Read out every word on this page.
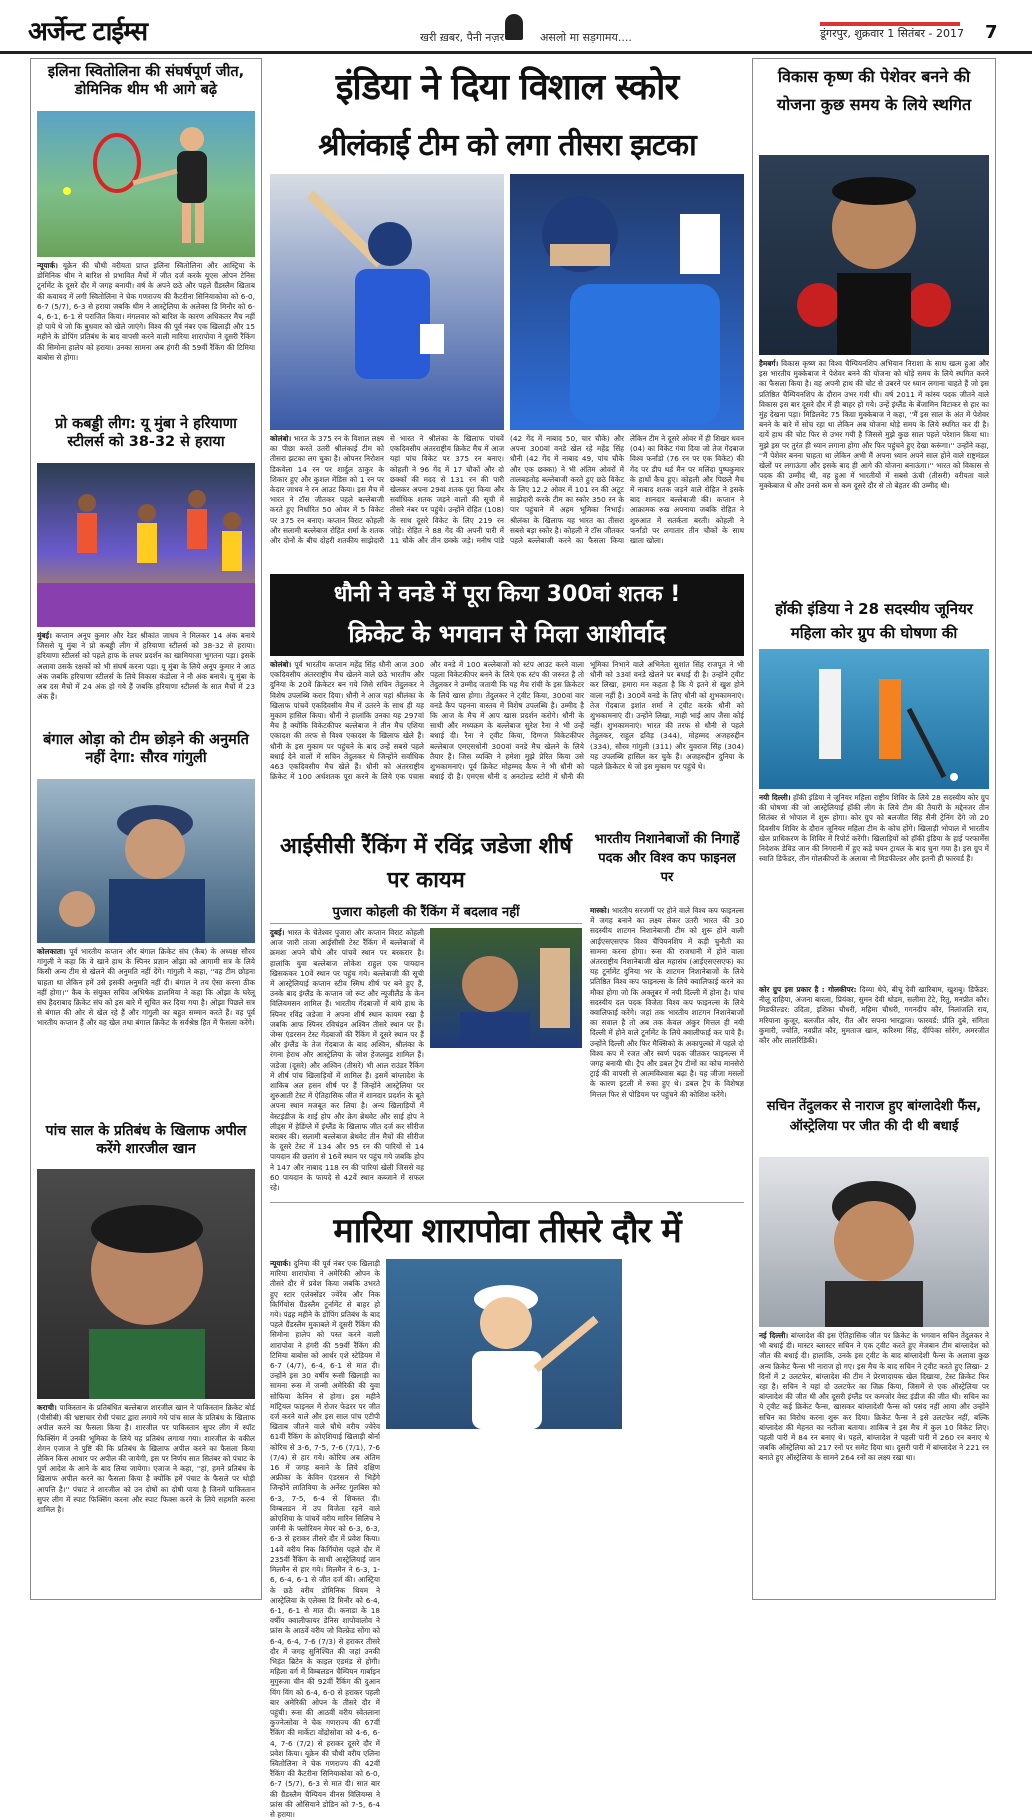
अर्जेन्ट टाईम्स	खरी ख़बर, पैनी नज़र	असलो मा सड़गामय....	डूंगरपुर, शुक्रवार 1 सितंबर - 2017 7
इलिना स्वितोलिना की संघर्षपूर्ण जीत, डोमिनिक थीम भी आगे बढ़े
न्यूयार्क। यूक्रेन की चौथी वरीयता प्राप्त इलिना स्वितोलिना और आस्ट्रिया के डोमिनिक थीम ने बारिश से प्रभावित मैचों में जीत दर्ज करके यूएस ओपन टेनिस टूर्नामेंट के दूसरे दौर में जगह बनायी। वर्ष के अपने छठे और पहले ग्रैंडस्लैम खिताब की कवायद में लगी स्वितोलिना ने चेक गणराज्य की कैटरीना सिनियाकोवा को 6-0, 6-7 (5/7), 6-3 से हराया जबकि थीम ने आस्ट्रेलिया के अलेक्स डि मिनौर को 6-4, 6-1, 6-1 से पराजित किया। मंगलवार को बारिश के कारण अधिकतर मैच नहीं हो पाये थे जो कि बुधवार को खेले जाएंगे। विश्व की पूर्व नंबर एक खिलाड़ी और 15 महीने के डोपिंग प्रतिबंध के बाद वापसी करने वाली मारिया शारापोवा ने दूसरी रैंकिंग की सिमोना हालेप को हराया। उनका सामना अब हंगरी की 59वीं रैंकिंग की टिमिया बाबोस से होगा।
प्रो कबड्डी लीग: यू मुंबा ने हरियाणा स्टीलर्स को 38-32 से हराया
मुंबई। कप्तान अनूप कुमार और रेडर श्रीकांत जाधव ने मिलकर 14 अंक बनाये जिससे यू मुंबा ने प्रो कबड्डी लीग में हरियाणा स्टीलर्स को 38-32 से हराया। हरियाणा स्टीलर्स को पहले हाफ के लचर प्रदर्शन का खामियाजा भुगतना पड़ा। इसके अलावा उसके रक्षकों को भी संघर्ष करना पड़ा। यू मुंबा के लिये अनूप कुमार ने आठ अंक जबकि हरियाणा स्टीलर्स के लिये विकास कंडोला ने नौ अंक बनाये। यू मुंबा के अब दस मैचों में 24 अंक हो गये हैं जबकि हरियाणा स्टीलर्स के सात मैचों में 23 अंक हैं।
बंगाल ओड़ा को टीम छोड़ने की अनुमति नहीं देगा: सौरव गांगुली
कोलकाता। पूर्व भारतीय कप्तान और बंगाल क्रिकेट संघ (कैब) के अध्यक्ष सौरव गांगुली ने कहा कि वे खाने हाथ के स्पिनर प्रज्ञान ओझा को आगामी सत्र के लिये किसी अन्य टीम से खेलने की अनुमति नहीं देंगे। गांगुली ने कहा, ''वह टीम छोड़ना चाहता था लेकिन हमें उसे इसकी अनुमति नहीं दी। बंगाल ने तय ऐसा करना ठीक नहीं होगा।'' कैब के संयुक्त सचिव अभिषेक डालमिया ने कहा कि ओझा के घरेलू संघ हैदराबाद क्रिकेट संघ को इस बारे में सूचित कर दिया गया है। ओझा पिछले सत्र से बंगाल की ओर से खेल रहे हैं और गांगुली का बहुत सम्मान करते हैं। वह पूर्व भारतीय कप्तान हैं और वह खेल तथा बंगाल क्रिकेट के सर्वश्रेष्ठ हित में फैसला करेंगे।
पांच साल के प्रतिबंध के खिलाफ अपील करेंगे शारजील खान
कराची। पाकिस्तान के प्रतिबंधित बल्लेबाज शारजील खान ने पाकिस्तान क्रिकेट बोर्ड (पीसीबी) की भ्रष्टाचार रोधी पंचाट द्वारा लगाये गये पांच साल के प्रतिबंध के खिलाफ अपील करने का फैसला किया है। शारजील पर पाकिस्तान सुपर लीग में स्पॉट फिक्सिंग में उनकी भूमिका के लिये यह प्रतिबंध लगाया गया। शारजील के वकील शेगन एजाज ने पुष्टि की कि प्रतिबंध के खिलाफ अपील करने का फैसला किया लेकिन किस आधार पर अपील की जायेगी, इस पर निर्णय सात सितंबर को पंचाट के पूर्ण आदेश के आने के बाद लिया जायेगा। एजाज ने कहा, ''हां, हमने प्रतिबंध के खिलाफ अपील करने का फैसला किया है क्योंकि हमें पंचाट के फैसले पर थोड़ी आपत्ति है।'' पंचाट ने शारजील को उन दोषों का दोषी पाया है जिनमें पाकिस्तान सुपर लीग में स्पाट फिक्सिंग करना और स्पाट फिक्स करने के लिये सहमति करना शामिल है।
इंडिया ने दिया विशाल स्कोर
श्रीलंकाई टीम को लगा तीसरा झटका
कोलंबो। भारत के 375 रन के विशाल लक्ष्य का पीछा करते उतरी श्रीलंकाई टीम को तीसरा झटका लग चुका है। ओपनर निरोशन डिकवेला 14 रन पर शार्दुल ठाकुर के शिकार हुए और कुशल मेंडिस को 1 रन पर केदार जाधव ने रन आउट किया। इस मैच में भारत ने टॉस जीतकर पहले बल्लेबाजी करते हुए निर्धारित 50 ओवर में 5 विकेट पर 375 रन बनाए। कप्तान विराट कोहली और सलामी बल्लेबाज रोहित शर्मा के शतक और दोनों के बीच दोहरी शतकीय साझेदारी से भारत ने श्रीलंका के खिलाफ पांचवें एकदिवसीय अंतरराष्ट्रीय क्रिकेट मैच में आज यहां पांच विकेट पर 375 रन बनाए। कोहली ने 96 गेंद में 17 चौकों और दो छक्कों की मदद से 131 रन की पारी खेलकर अपना 29वां शतक पूरा किया और सर्वाधिक शतक जड़ने वालों की सूची में तीसरे नंबर पर पहुंचे। उन्होंने रोहित (108) के साथ दूसरे विकेट के लिए 219 रन जोड़े। रोहित ने 88 गेंद की अपनी पारी में 11 चौके और तीन छक्के जड़े। मनीष पांडे (42 गेंद में नाबाद 50, चार चौके) और अपना 300वां वनडे खेल रहे महेंद्र सिंह धौनी (42 गेंद में नाबाद 49, पांच चौके और एक छक्का) ने भी अंतिम ओवरों में तालबड़तोड़ बल्लेबाजी करते हुए छठे विकेट के लिए 12.2 ओवर में 101 रन की अटूट साझेदारी करके टीम का स्कोर 350 रन के पार पहुंचाने में अहम भूमिका निभाई। श्रीलंका के खिलाफ यह भारत का तीसरा सबसे बड़ा स्कोर है। कोहली ने टॉस जीतकर पहले बल्लेबाजी करने का फैसला किया लेकिन टीम ने दूसरे ओवर में ही शिखर धवन (04) का विकेट गंवा दिया जो तेज गेंदबाज विश्व फर्नांडो (76 रन पर एक विकेट) की गेंद पर डीप थर्ड मैन पर मलिंदा पुष्पकुमार के हाथों कैच हुए। कोहली और पिछले मैच में नाबाद शतक जड़ने वाले रोहित ने इसके बाद शानदार बल्लेबाजी की। कप्तान ने आक्रामक रुख अपनाया जबकि रोहित ने शुरुआत में सतर्कता बरती। कोहली ने फर्नांडो पर लगातार तीन चौकों के साथ खाता खोला।
धौनी ने वनडे में पूरा किया 300वां शतक !
क्रिकेट के भगवान से मिला आशीर्वाद
कोलंबो। पूर्व भारतीय कप्तान महेंद्र सिंह धौनी आज 300 एकदिवसीय अंतरराष्ट्रीय मैच खेलने वाले छठे भारतीय और दुनिया के 20वें क्रिकेटर बन गये जिसे सचिन तेंदुलकर ने विशेष उपलब्धि करार दिया। धौनी ने आज यहां श्रीलंका के खिलाफ पांचवें एकदिवसीय मैच में उतरने के साथ ही यह मुकाम हासिल किया। धौनी ने हालांकि उनका यह 297वां मैच है क्योंकि विकेटकीपर बल्लेबाज ने तीन मैच एशिया एकादश की तरफ से विश्व एकादश के खिलाफ खेले हैं। धौनी के इस मुकाम पर पहुंचने के बाद उन्हें सबसे पहले बधाई देने वालों में सचिन तेंदुलकर थे जिन्होंने सर्वाधिक 463 एकदिवसीय मैच खेले हैं। धौनी को अंतरराष्ट्रीय क्रिकेट में 100 अर्धशतक पूरा करने के लिये एक पचास और वनडे में 100 बल्लेबाजों को स्टंप आउट करने वाला पहला विकेटकीपर बनने के लिये एक स्टंप की जरुरत है तो तेंदुलकर ने उम्मीद जतायी कि यह मैच रांची के इस क्रिकेटर के लिये खास होगा। तेंदुलकर ने ट्वीट किया, 300वां वार वनडे कैप पहनना वास्तव में विशेष उपलब्धि है। उम्मीद है कि आज के मैच में आप खास प्रदर्शन करोगे। धौनी के साथी और मध्यक्रम के बल्लेबाज सुरेश रैना ने भी उन्हें बधाई दी। रैना ने ट्वीट किया, दिग्गज विकेटकीपर बल्लेबाज एमएसधोनी 300वां वनडे मैच खेलने के लिये तैयार हैं। जिस व्यक्ति ने हमेशा मुझे प्रेरित किया उसे शुभकामनाएं। पूर्व क्रिकेट मोहम्मद कैफ ने भी धौनी को बधाई दी है। एमएस धौनी द अनटोल्ड स्टोरी में धौनी की भूमिका निभाने वाले अभिनेता सुशांत सिंह राजपूत ने भी धौनी को 33वां वनडे खेलने पर बधाई दी है। उन्होंने ट्वीट कर लिखा, हमारा मन कहता है कि ये इतने से खुश होने वाला नहीं है। 300वें वनडे के लिए धौनी को शुभकामनाएं। तेज गेंदबाज इशांत शर्मा ने ट्वीट करके धौनी को शुभकामनाएं दी। उन्होंने लिखा, माही भाई आप जैसा कोई नहीं। शुभकामनाएं। भारत की तरफ से धौनी से पहले तेंदुलकर, राहुल द्रविड़ (344), मोहम्मद अजहरुद्दीन (334), सौरव गांगुली (311) और युवराज सिंह (304) यह उपलब्धि हासिल कर चुके हैं। अजहरुद्दीन दुनिया के पहले क्रिकेटर थे जो इस मुकाम पर पहुंचे थे।
आईसीसी रैंकिंग में रविंद्र जडेजा शीर्ष पर कायम
पुजारा कोहली की रैंकिंग में बदलाव नहीं
दुबई। भारत के चेतेश्वर पुजारा और कप्तान विराट कोहली आज जारी ताजा आईसीसी टेस्ट रैंकिंग में बल्लेबाजों में क्रमशः अपने चौथे और पांचवें स्थान पर बरकरार है। हालांकि युवा बल्लेबाज लोकेश राहुल एक पायदान खिसककर 10वें स्थान पर पहुंच गये। बल्लेबाजी की सूची में आस्ट्रेलियाई कप्तान स्टीव स्मिथ शीर्ष पर बने हुए हैं, उनके बाद इंग्लैंड के कप्तान जो रूट और न्यूजीलैंड के केन विलियमसन शामिल हैं। भारतीय गेंदबाजों में बांये हाथ के स्पिनर रविंद्र जडेजा ने अपना शीर्ष स्थान कायम रखा है जबकि आफ स्पिनर रविचंद्रन अश्विन तीसरे स्थान पर हैं। जेम्स एंडरसन टेस्ट गेंदबाजों की रैंकिंग में दूसरे स्थान पर हैं और इंग्लैंड के तेज गेंदबाज के बाद अश्विन, श्रीलंका के रंगना हेराथ और आस्ट्रेलिया के जोश हेजलवुड शामिल हैं। जडेजा (दूसरे) और अश्विन (तीसरे) भी आल राउंडर रैंकिंग में शीर्ष पांच खिलाड़ियों में शामिल हैं। इसमें बांग्लादेश के शाकिब अल हसन शीर्ष पर हैं जिन्होंने आस्ट्रेलिया पर शुरुआती टेस्ट में ऐतिहासिक जीत में शानदार प्रदर्शन के बूते अपना स्थान मजबूत कर लिया है। अन्य खिलाड़ियों में वेस्टइंडीज के शाई होप और क्रेग ब्रेथवेट और साई होप ने लीड्स में हेडिंग्ले में इंग्लैंड के खिलाफ जीत दर्ज कर सीरीज बराबर की। सलामी बल्लेबाज ब्रेथवेट तीन मैचों की सीरीज के दूसरे टेस्ट में 134 और 95 रन की पारियों से 14 पायदान की छलांग से 16वें स्थान पर पहुंच गये जबकि होप ने 147 और नाबाद 118 रन की पारियां खेली जिससे वह 60 पायदान के फायदे से 42वें स्थान कब्जाने में सफल रहे।
भारतीय निशानेबाजों की निगाहें पदक और विश्व कप फाइनल पर
मास्को। भारतीय सरजमीं पर होने वाले विश्व कप फाइनल्स में जगह बनाने का लक्ष्य लेकर उतरी भारत की 30 सदस्यीय शाटगन निशानेबाजी टीम को शुरू होने वाली आईएसएसएफ विश्व चैंपियनशिप में कड़ी चुनौती का सामना करना होगा। रूस की राजधानी में होने वाला अंतरराष्ट्रीय निशानेबाजी खेल महासंघ (आईएसएसएफ) का यह टूर्नामेंट दुनिया भर के शाटगन निशानेबाजों के लिये प्रतिष्ठित विश्व कप फाइनल्स के लिये क्वालिफाई करने का मौका होगा जो कि अक्तूबर में नयी दिल्ली में होना है। पांच सदस्यीय दल पदक विजेता विश्व कप फाइनल्स के लिये क्वालिफाई करेंगे। जहां तक भारतीय शाटगन निशानेबाजों का सवाल है तो अब तक केवल अंकुर मित्तल ही नयी दिल्ली में होने वाले टूर्नामेंट के लिये क्वालीफाई कर पाये हैं। उन्होंने दिल्ली और फिर मैक्सिको के अकापुल्को में पहले दो विश्व कप में रजत और स्वर्ण पदक जीतकर फाइनल्स में जगह बनायी थी। ट्रैप और डबल ट्रैप टीमों का कोच मानसेरो ट्राई की वापसी से आत्मविश्वास बढ़ा है। यह जीजा मसलों के कारण इटली में रुका हुए थे। डबल ट्रैप के विशेषज्ञ मित्तल फिर से पोडियम पर पहुंचने की कोशिश करेंगे।
मारिया शारापोवा तीसरे दौर में
न्यूयार्क। दुनिया की पूर्व नंबर एक खिलाड़ी मारिया शारापोवा ने अमेरिकी ओपन के तीसरे दौर में प्रवेश किया जबकि उभरते हुए स्टार एलेक्सेंडर ज्वेरेव और निक किर्गियोस ग्रैंडस्लैम टूर्नामेंट से बाहर हो गये। पंद्रह महीने के डोपिंग प्रतिबंध के बाद पहले ग्रैंडस्लैम मुकाबले में दूसरी रैंकिंग की सिमोना हालेप को पस्त करने वाली शारापोवा ने हंगरी की 59वीं रैंकिंग की टिमिया बाबोस को आर्थर एशे स्टेडियम में 6-7 (4/7), 6-4, 6-1 से मात दी। उन्होंने इस 30 वर्षीय रूसी खिलाड़ी का सामना रूस में जन्मी अमेरिकी की युवा सोफिया केनिन से होगा। इस महीने मांट्रियल फाइनल में रोजर फेडरर पर जीत दर्ज करने वाले और इस साल पांच एटीपी खिताब जीतने वाले चौथे वरीय ज्वेरेव 61वीं रैंकिंग के क्रोएशियाई खिलाड़ी बोर्ना कोरिच से 3-6, 7-5, 7-6 (7/1), 7-6 (7/4) से हार गये। कोरिच अब अंतिम 16 में जगह बनाने के लिये दक्षिण अफ्रीका के केविन एंडरसन से भिड़ेंगे जिन्होंने लातिविया के अर्नेस्ट गुलबिस को 6-3, 7-5, 6-4 से शिकस्त दी। विम्बलडन में उप विजेता रहने वाले क्रोएशिया के पांचवें वरीय मारिन सिलिच ने जर्मनी के फ्लोरियन मेयर को 6-3, 6-3, 6-3 से हराकर तीसरे दौर में प्रवेश किया। 14वें वरीय निक किर्गियोस पहले दौर में 235वीं रैंकिंग के साथी आस्ट्रेलियाई जान मिलमैन से हार गये। मिलमैन ने 6-3, 1-6, 6-4, 6-1 से जीत दर्ज की। आस्ट्रिया के छठे वरीय डोमिनिक थियम ने आस्ट्रेलिया के एलेक्स डि मिनौर को 6-4, 6-1, 6-1 से मात दी। कनाडा के 18 वर्षीय क्वालीफायर डेनिस शापोवालोव ने फ्रांस के आठवें वरीय जो विल्फ्रेड सोंगा को 6-4, 6-4, 7-6 (7/3) से हराकर तीसरे दौर में जगह सुनिश्चित की जहां उनकी भिड़ंत ब्रिटेन के काइल एडमंड से होगी। महिला वर्ग में विम्बलडन चैम्पियन गार्बाइन मुगुरुजा चीन की 92वीं रैंकिंग की दुआन यिंग यिंग को 6-4, 6-0 से हराकर पहली बार अमेरिकी ओपन के तीसरे दौर में पहुंची। रूस की आठवीं वरीय स्वेतलाना कुज्नेत्सोवा ने चेक गणराज्य की 67वीं रैंकिंग की मार्केटा वोंद्रोसोवा को 4-6, 6-4, 7-6 (7/2) से हराकर दूसरे दौर में प्रवेश किया। यूक्रेन की चौथी वरीय एलिना स्वितोलिना ने चेक गणराज्य की 42वीं रैंकिंग की कैटरीना सिनियाकोवा को 6-0, 6-7 (5/7), 6-3 से मात दी। सात बार की ग्रैंडस्लैम चैम्पियन वीनस विलियम्स ने फ्रांस की ओसियाने डोडिन को 7-5, 6-4 से हराया।
विकास कृष्ण की पेशेवर बनने की योजना कुछ समय के लिये स्थगित
हैमबर्ग। विकास कृष्ण का विश्व चैम्पियनशिप अभियान निराशा के साथ खत्म हुआ और इस भारतीय मुक्केबाज ने पेशेवर बनने की योजना को थोड़े समय के लिये स्थगित करने का फैसला किया है। वह अपनी हाथ की चोट से उबरने पर ध्यान लगाना चाहते हैं जो इस प्रतिष्ठित चैम्पियनशिप के दौरान उभर गयी थी। वर्ष 2011 में कांस्य पदक जीतने वाले विकास इस बार दूसरे दौर में ही बाहर हो गये। उन्हें इंग्लैंड के बेंजामिन विटाकर से हार का मुंह देखना पड़ा। मिडिलवेट 75 किग्रा मुक्केबाज ने कहा, ''मैं इस साल के अंत में पेशेवर बनने के बारे में सोच रहा था लेकिन अब योजना थोड़े समय के लिये स्थगित कर दी है। दायें हाथ की चोट फिर से उभर गयी है जिससे मुझे कुछ साल पहले परेशान किया था। मुझे इस पर तुरंत ही ध्यान लगाना होगा और फिर पहुंचने हुए देखा करूंगा।'' उन्होंने कहा, ''मैं पेशेवर बनना चाहता था लेकिन अभी मैं अपना ध्यान अपने साल होने वाले राष्ट्रमंडल खेलों पर लगाऊंगा और इसके बाद ही आगे की योजना बनाऊंगा।'' भारत को विकास से पदक की उम्मीद थी, वह हुआ में भारतीयों में सबसे ऊंची (तीसरी) वरीयता वाले मुक्केबाज थे और उनसे कम से कम दूसरे दौर से तो बेहतर की उम्मीद थी।
हॉकी इंडिया ने 28 सदस्यीय जूनियर महिला कोर ग्रुप की घोषणा की
नयी दिल्ली। हॉकी इंडिया ने जूनियर महिला राष्ट्रीय शिविर के लिये 28 सदस्यीय कोर ग्रुप की घोषणा की जो आस्ट्रेलियाई हॉकी लीग के लिये टीम की तैयारी के मद्देनजर तीन सितंबर से भोपाल में शुरू होगा। कोर ग्रुप को बलजीत सिंह सैनी ट्रेनिंग देंगे जो 20 दिवसीय शिविर के दौरान जूनियर महिला टीम के कोच होंगे। खिलाड़ी भोपाल में भारतीय खेल प्राधिकरण के शिविर में रिपोर्ट करेंगी। खिलाड़ियों को हॉकी इंडिया के हाई परफार्मेंस निदेशक डेविड जान की निगरानी में हुए कड़े चयन ट्रायल के बाद चुना गया है। इस ग्रुप में स्वाति डिफेंडर, तीन गोलकीपरों के अलावा नौ मिडफील्डर और इतनी ही फारवर्ड हैं।
कोर ग्रुप इस प्रकार है : गोलकीपर: दिव्या थेपे, बीचू देवी खारिबाम, खुशबू। डिफेंडर: नीलू दाहिया, अंजना बारला, प्रियंका, सुमन देवी थोडम, सलीमा टेटे, रितु, मनप्रीत कौर। मिडफील्डर: उदिता, इशिका चौधरी, महिमा चौधरी, गगनदीप कौर, निलांजलि राय, मरियाना कुजूर, बलजीत कौर, रीत और सपना भारद्वाज। फारवर्ड: प्रीति दुबे, संगिता कुमारी, ज्योति, नवप्रीत कौर, मुमताज खान, करिश्मा सिंह, दीपिका सोरेंग, अमरजीत कौर और लालरिंडिकी।
सचिन तेंदुलकर से नाराज हुए बांग्लादेशी फैंस, ऑस्ट्रेलिया पर जीत की दी थी बधाई
नई दिल्ली। बांग्लादेश की इस ऐतिहासिक जीत पर क्रिकेट के भगवान सचिन तेंदुलकर ने भी बधाई दी। मास्टर ब्लास्टर सचिन ने एक ट्वीट करते हुए मेजबान टीम बांग्लादेश को जीत की बधाई दी। हालांकि, उनके इस ट्वीट के बाद बांग्लादेशी फैन्स के अलावा कुछ अन्य क्रिकेट फैन्स भी नाराज हो गए। इस मैच के बाद सचिन ने ट्वीट करते हुए लिखा- 2 दिनों में 2 उलटफेर, बांग्लादेश की टीम ने प्रेरणादायक खेल दिखाया, टेस्ट क्रिकेट फिर रहा है। सचिन ने यहां दो उलटफेर का जिक्र किया, जिसमें से एक ऑस्ट्रेलिया पर बांग्लादेश की जीत थी और दूसरी इंग्लैंड पर कमजोर वेस्ट इंडीज की जीत थी। सचिन का ये ट्वीट कई क्रिकेट फैन्स, खासकर बांग्लादेशी फैन्स को पसंद नहीं आया और उन्होंने सचिन का विरोध करना शुरू कर दिया। क्रिकेट फैन्स ने इसे उलटफेर नहीं, बल्कि बांग्लादेश की मेहनत का नतीजा बताया। शाकिब ने इस मैच में कुल 10 विकेट लिए। पहली पारी में 84 रन बनाए थे। पहले, बांग्लादेश ने पहली पारी में 260 रन बनाए थे जबकि ऑस्ट्रेलिया को 217 रनों पर समेट दिया था। दूसरी पारी में बांग्लादेश ने 221 रन बनाते हुए ऑस्ट्रेलिया के सामने 264 रनों का लक्ष्य रखा था।
